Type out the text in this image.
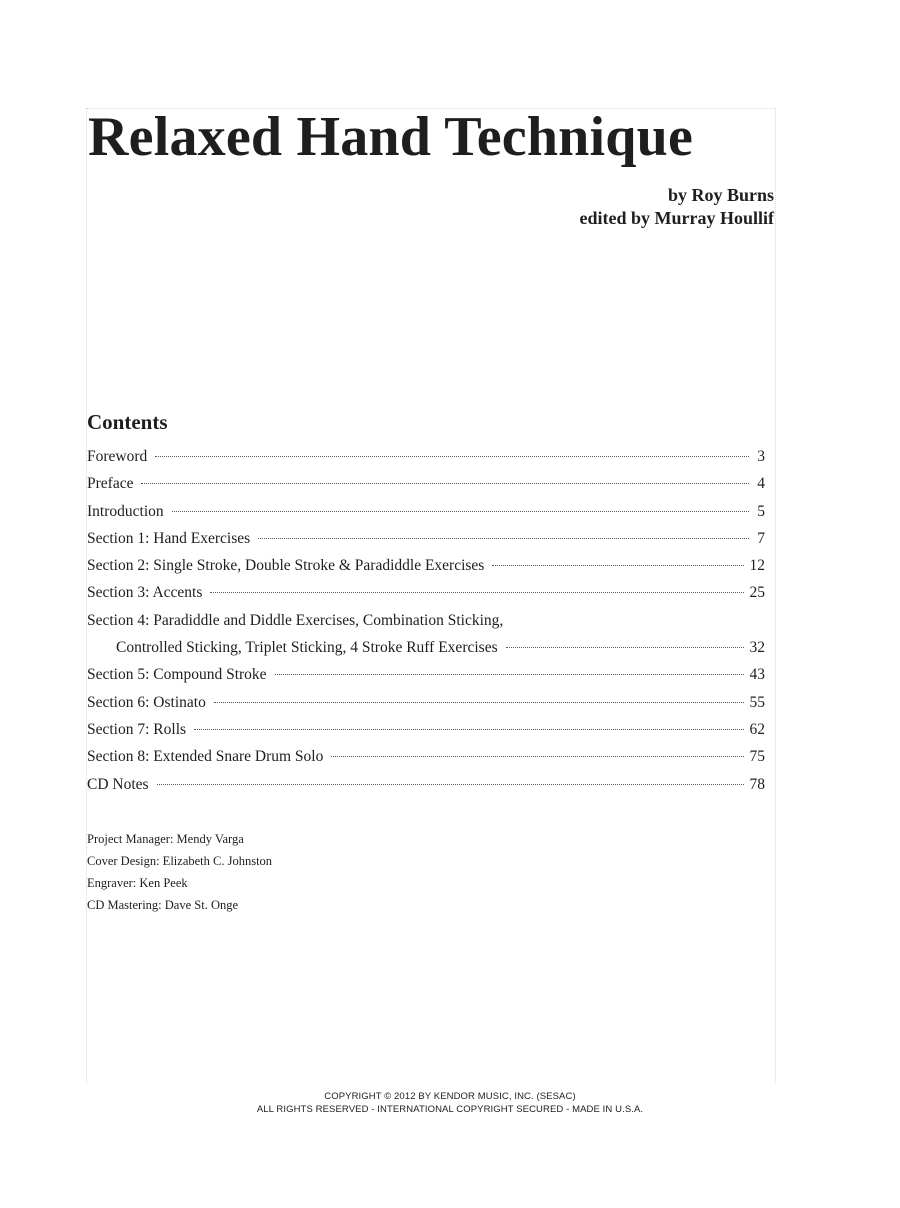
Relaxed Hand Technique
by Roy Burns
edited by Murray Houllif
Contents
Foreword	3
Preface	4
Introduction	5
Section 1: Hand Exercises	7
Section 2: Single Stroke, Double Stroke & Paradiddle Exercises	12
Section 3: Accents	25
Section 4: Paradiddle and Diddle Exercises, Combination Sticking,
Controlled Sticking, Triplet Sticking, 4 Stroke Ruff Exercises	32
Section 5: Compound Stroke	43
Section 6: Ostinato	55
Section 7: Rolls	62
Section 8: Extended Snare Drum Solo	75
CD Notes	78
Project Manager: Mendy Varga
Cover Design: Elizabeth C. Johnston
Engraver: Ken Peek
CD Mastering: Dave St. Onge
COPYRIGHT © 2012 BY KENDOR MUSIC, INC. (SESAC)
ALL RIGHTS RESERVED - INTERNATIONAL COPYRIGHT SECURED - MADE IN U.S.A.
